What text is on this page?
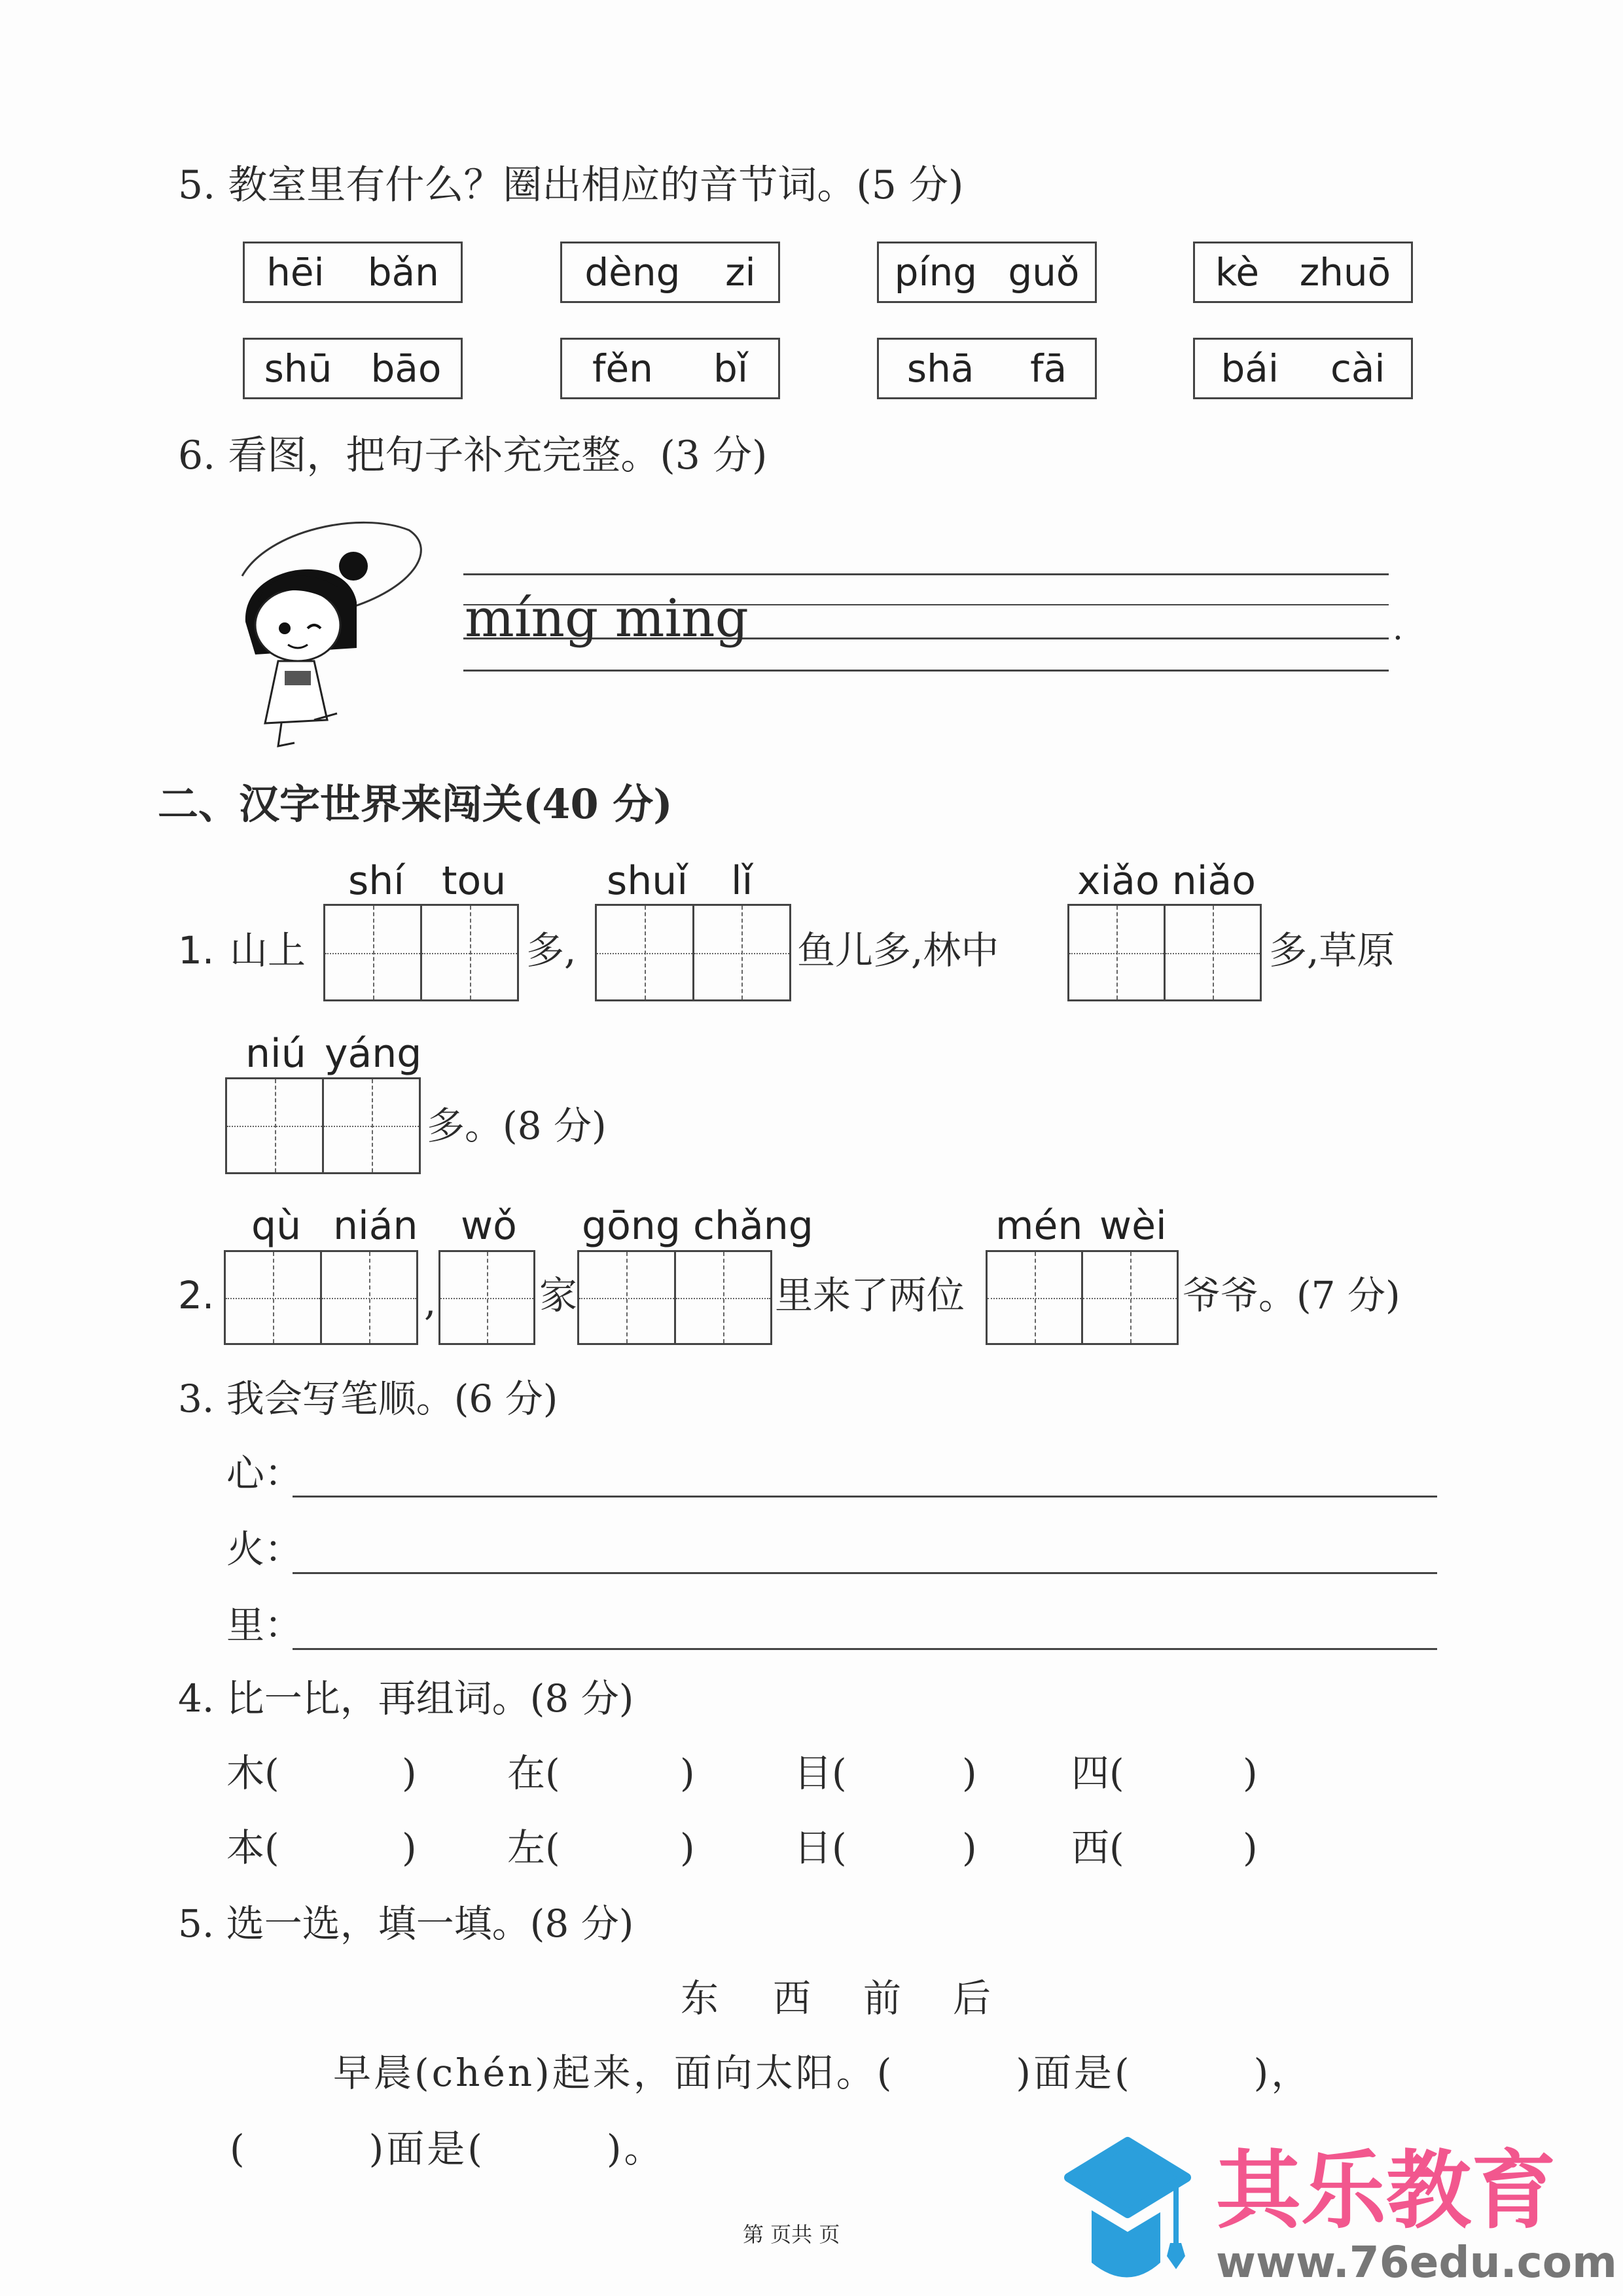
5. 教室里有什么？圈出相应的音节词。(5 分)
hēi bǎn	dèng zi	píng guǒ	kè zhuō
shū bāo	fěn bǐ	shā fā	bái cài
6. 看图，把句子补充完整。(3 分)
míng ming	.
二、汉字世界来闯关(40 分)
1. 山上	多,	鱼儿多,林中	多,草原
shí tou	shuǐ lǐ	xiǎo niǎo
niú yáng
多。(8 分)
2.
qù nián wǒ gōng chǎng	mén wèi
,	家	里来了两位	爷爷。(7 分)
3. 我会写笔顺。(6 分)
心：
火：
里：
4. 比一比，再组词。(8 分)
木(	) 在(	)	目(	) 四(	)
本(	) 左(	)	日(	) 西(	)
5. 选一选，填一填。(8 分)
东 西 前 后
早晨(chén)起来，面向太阳。(　　　)面是(　　　)，
(　　　)面是(　　　)。
第 页共 页	其乐教育
www.76edu.com
